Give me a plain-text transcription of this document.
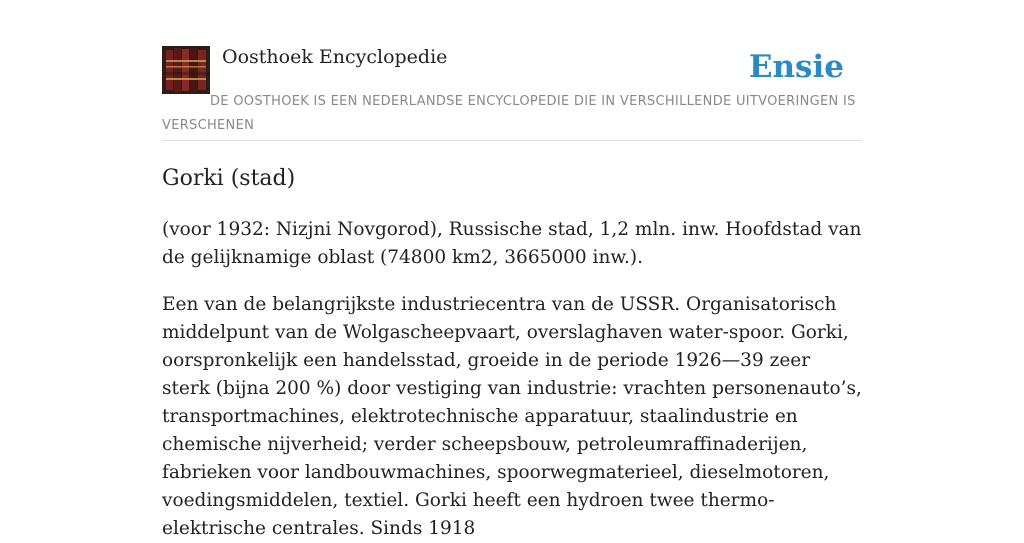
Oosthoek Encyclopedie	Ensie
DE OOSTHOEK IS EEN NEDERLANDSE ENCYCLOPEDIE DIE IN VERSCHILLENDE UITVOERINGEN IS VERSCHENEN
Gorki (stad)

(voor 1932: Nizjni Novgorod), Russische stad, 1,2 mln. inw. Hoofdstad van de gelijknamige oblast (74800 km2, 3665000 inw.).

Een van de belangrijkste industriecentra van de USSR. Organisatorisch middelpunt van de Wolgascheepvaart, overslaghaven water-spoor. Gorki, oorspronkelijk een handelsstad, groeide in de periode 1926—39 zeer sterk (bijna 200 %) door vestiging van industrie: vrachten personenauto’s, transportmachines, elektrotechnische apparatuur, staalindustrie en chemische nijverheid; verder scheepsbouw, petroleumraffinaderijen, fabrieken voor landbouwmachines, spoorwegmaterieel, dieselmotoren, voedingsmiddelen, textiel. Gorki heeft een hydroen twee thermo-elektrische centrales. Sinds 1918
